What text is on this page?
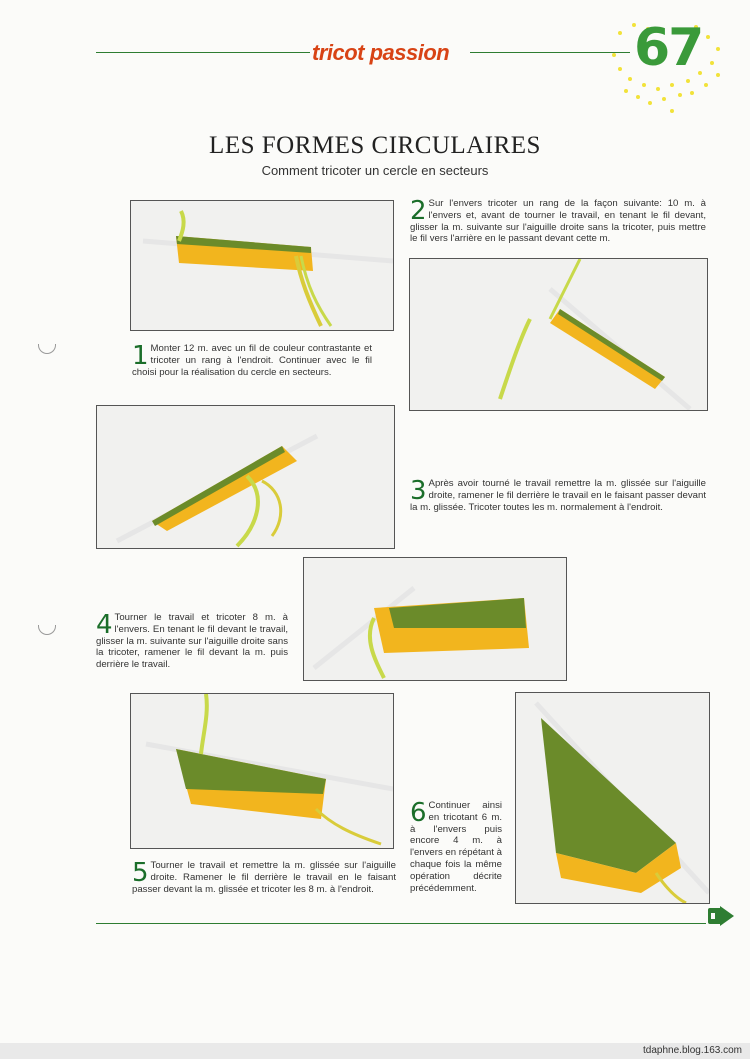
tricot passion	67
LES FORMES CIRCULAIRES
Comment tricoter un cercle en secteurs
1 Monter 12 m. avec un fil de couleur contrastante et tricoter un rang à l'endroit. Continuer avec le fil choisi pour la réalisation du cercle en secteurs.
2 Sur l'envers tricoter un rang de la façon suivante: 10 m. à l'envers et, avant de tourner le travail, en tenant le fil devant, glisser la m. suivante sur l'aiguille droite sans la tricoter, puis mettre le fil vers l'arrière en le passant devant cette m.
3 Après avoir tourné le travail remettre la m. glissée sur l'aiguille droite, ramener le fil derrière le travail en le faisant passer devant la m. glissée. Tricoter toutes les m. normalement à l'endroit.
4 Tourner le travail et tricoter 8 m. à l'envers. En tenant le fil devant le travail, glisser la m. suivante sur l'aiguille droite sans la tricoter, ramener le fil devant la m. puis derrière le travail.
5 Tourner le travail et remettre la m. glissée sur l'aiguille droite. Ramener le fil derrière le travail en le faisant passer devant la m. glissée et tricoter les 8 m. à l'endroit.
6 Continuer ainsi en tricotant 6 m. à l'envers puis encore 4 m. à l'envers en répétant à chaque fois la même opération décrite précédemment.
tdaphne.blog.163.com
